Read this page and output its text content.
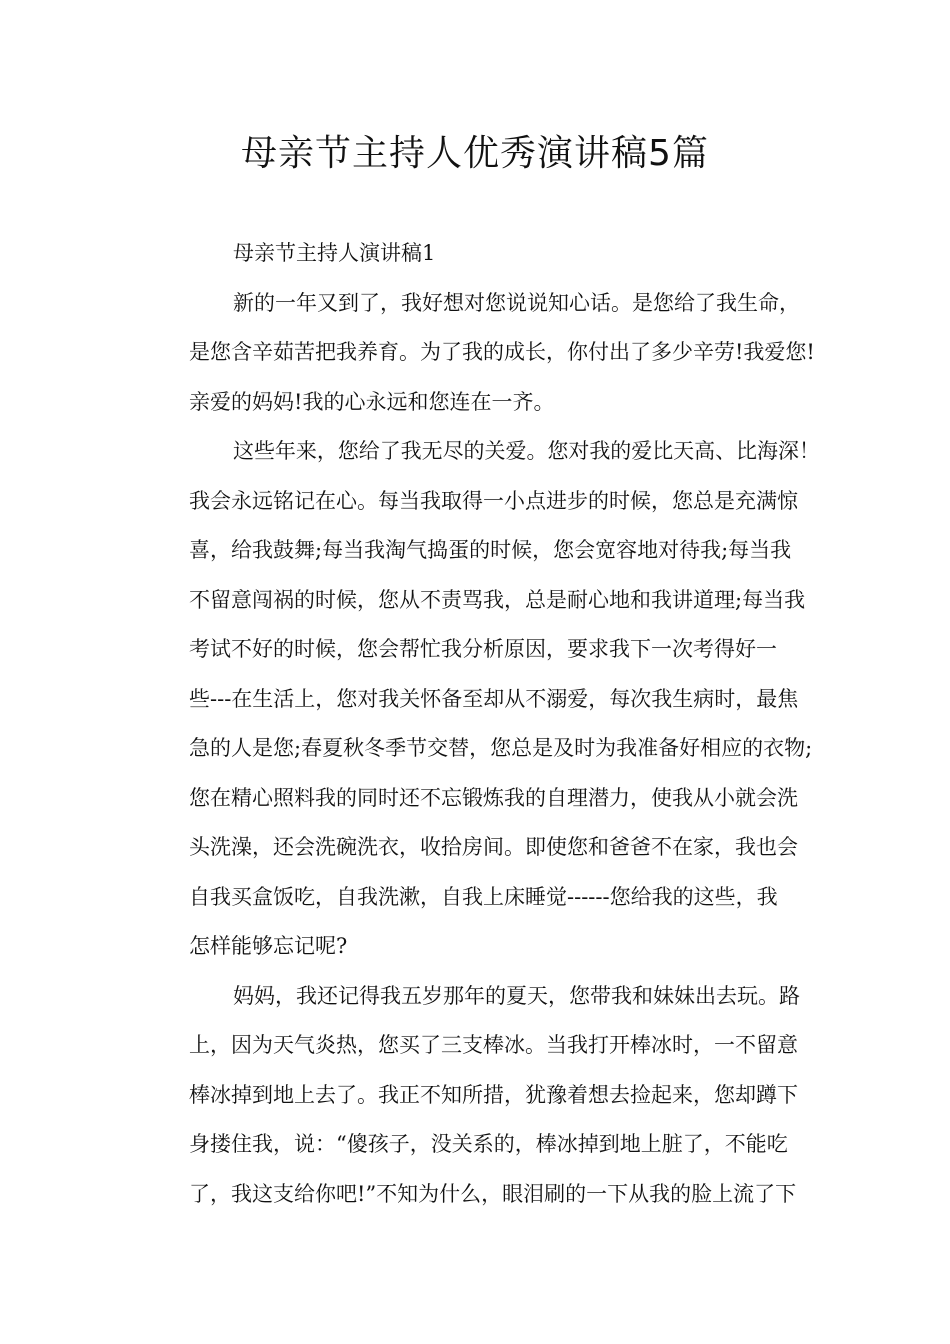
母亲节主持人优秀演讲稿5篇
母亲节主持人演讲稿1
新的一年又到了，我好想对您说说知心话。是您给了我生命，
是您含辛茹苦把我养育。为了我的成长，你付出了多少辛劳!我爱您!
亲爱的妈妈!我的心永远和您连在一齐。
这些年来，您给了我无尽的关爱。您对我的爱比天高、比海深！
我会永远铭记在心。每当我取得一小点进步的时候，您总是充满惊
喜，给我鼓舞;每当我淘气捣蛋的时候，您会宽容地对待我;每当我
不留意闯祸的时候，您从不责骂我，总是耐心地和我讲道理;每当我
考试不好的时候，您会帮忙我分析原因，要求我下一次考得好一
些---在生活上，您对我关怀备至却从不溺爱，每次我生病时，最焦
急的人是您;春夏秋冬季节交替，您总是及时为我准备好相应的衣物;
您在精心照料我的同时还不忘锻炼我的自理潜力，使我从小就会洗
头洗澡，还会洗碗洗衣，收拾房间。即使您和爸爸不在家，我也会
自我买盒饭吃，自我洗漱，自我上床睡觉------您给我的这些，我
怎样能够忘记呢?
妈妈，我还记得我五岁那年的夏天，您带我和妹妹出去玩。路
上，因为天气炎热，您买了三支棒冰。当我打开棒冰时，一不留意
棒冰掉到地上去了。我正不知所措，犹豫着想去捡起来，您却蹲下
身搂住我，说：“傻孩子，没关系的，棒冰掉到地上脏了，不能吃
了，我这支给你吧!”不知为什么，眼泪刷的一下从我的脸上流了下
